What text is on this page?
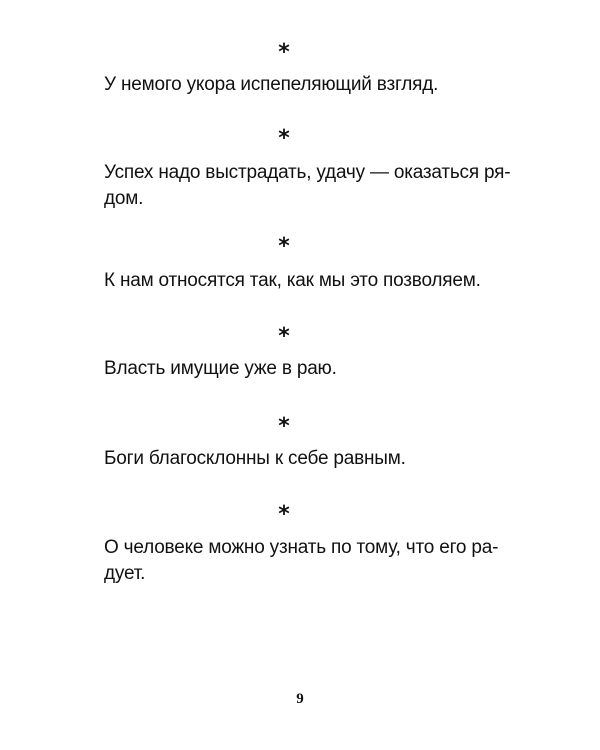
*
У немого укора испепеляющий взгляд.
*
Успех надо выстрадать, удачу — оказаться ря-
дом.
*
К нам относятся так, как мы это позволяем.
*
Власть имущие уже в раю.
*
Боги благосклонны к себе равным.
*
О человеке можно узнать по тому, что его ра-
дует.
9
